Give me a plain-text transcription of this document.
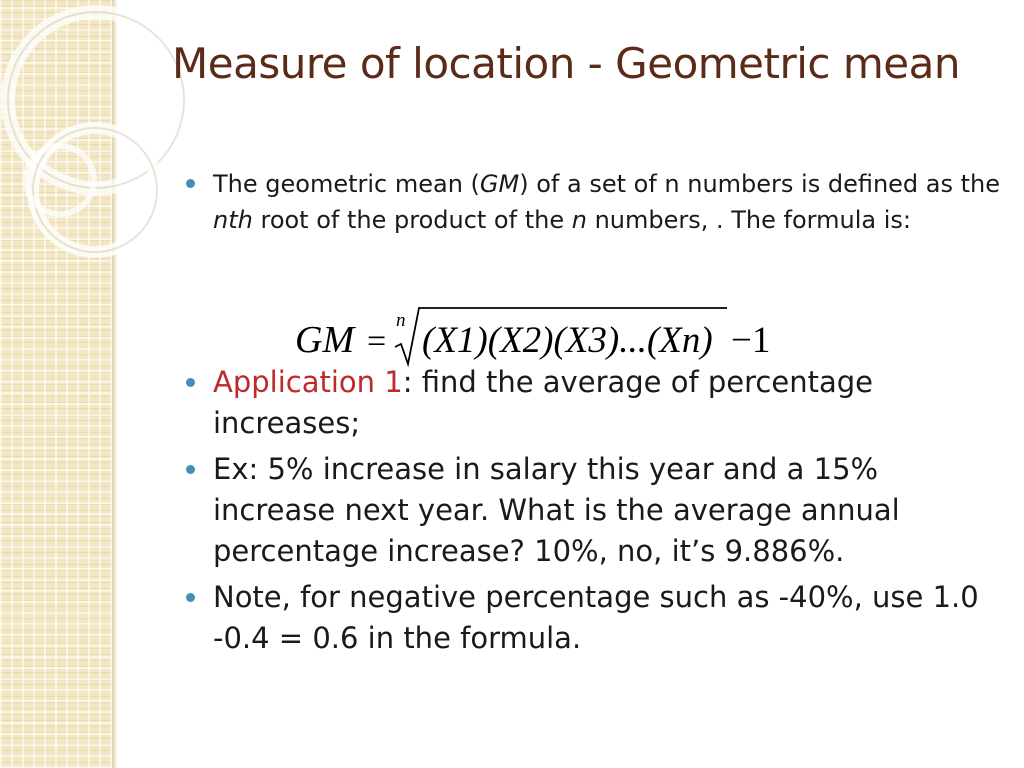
Measure of location - Geometric mean
The geometric mean (GM) of a set of n numbers is defined as the nth root of the product of the n numbers, . The formula is:
Application 1: find the average of percentage increases;
Ex: 5% increase in salary this year and a 15% increase next year. What is the average annual percentage increase? 10%, no, it’s 9.886%.
Note, for negative percentage such as -40%, use 1.0 -0.4 = 0.6 in the formula.
GM =
n (X1)(X2)(X3)...(Xn) −1
